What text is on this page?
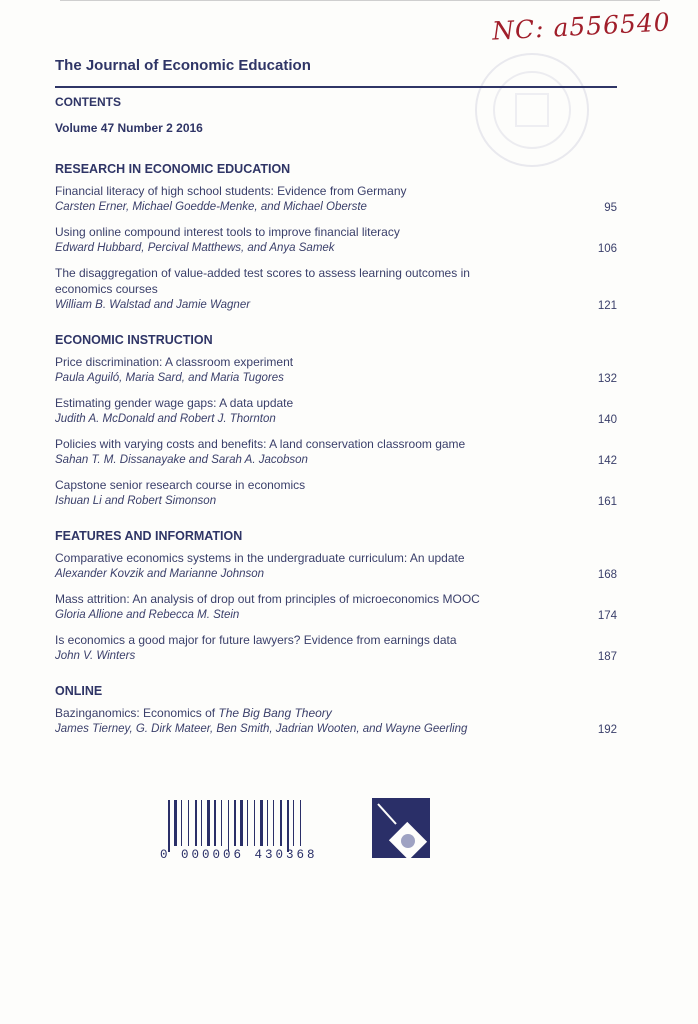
NC: a556540
The Journal of Economic Education
CONTENTS
Volume 47 Number 2 2016
RESEARCH IN ECONOMIC EDUCATION
Financial literacy of high school students: Evidence from Germany
Carsten Erner, Michael Goedde-Menke, and Michael Oberste	95
Using online compound interest tools to improve financial literacy
Edward Hubbard, Percival Matthews, and Anya Samek	106
The disaggregation of value-added test scores to assess learning outcomes in economics courses
William B. Walstad and Jamie Wagner	121
ECONOMIC INSTRUCTION
Price discrimination: A classroom experiment
Paula Aguiló, Maria Sard, and Maria Tugores	132
Estimating gender wage gaps: A data update
Judith A. McDonald and Robert J. Thornton	140
Policies with varying costs and benefits: A land conservation classroom game
Sahan T. M. Dissanayake and Sarah A. Jacobson	142
Capstone senior research course in economics
Ishuan Li and Robert Simonson	161
FEATURES AND INFORMATION
Comparative economics systems in the undergraduate curriculum: An update
Alexander Kovzik and Marianne Johnson	168
Mass attrition: An analysis of drop out from principles of microeconomics MOOC
Gloria Allione and Rebecca M. Stein	174
Is economics a good major for future lawyers? Evidence from earnings data
John V. Winters	187
ONLINE
Bazinganomics: Economics of The Big Bang Theory
James Tierney, G. Dirk Mateer, Ben Smith, Jadrian Wooten, and Wayne Geerling	192
0 000006 430368
